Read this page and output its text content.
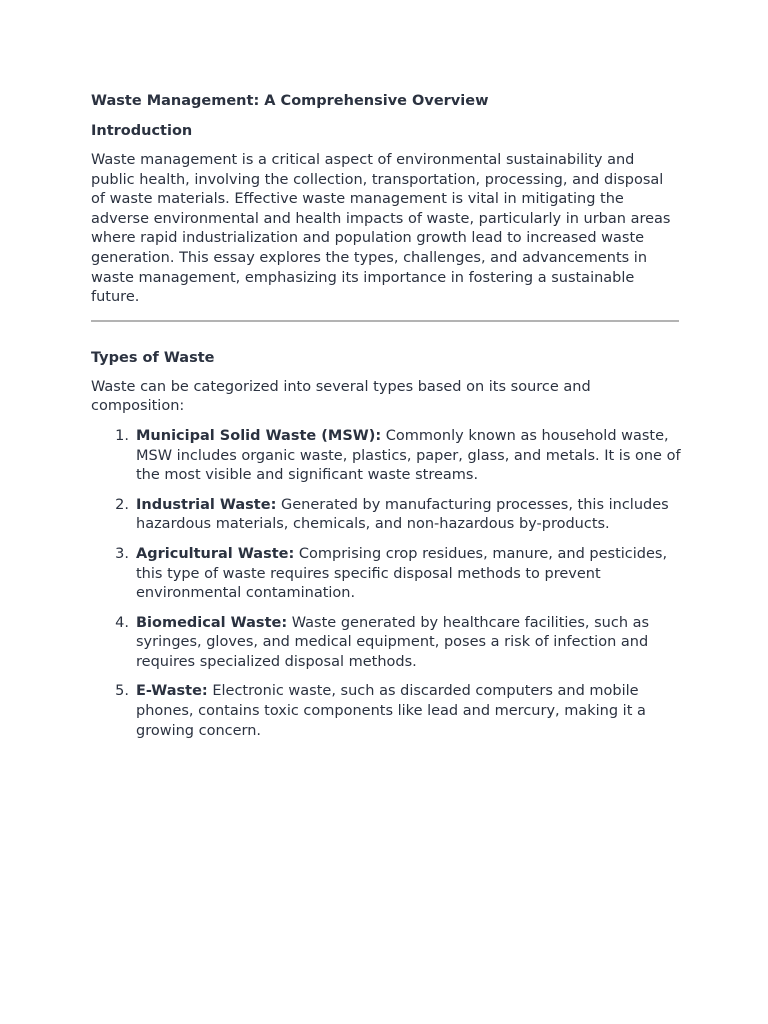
Waste Management: A Comprehensive Overview
Introduction

Waste management is a critical aspect of environmental sustainability and public health, involving the collection, transportation, processing, and disposal of waste materials. Effective waste management is vital in mitigating the adverse environmental and health impacts of waste, particularly in urban areas where rapid industrialization and population growth lead to increased waste generation. This essay explores the types, challenges, and advancements in waste management, emphasizing its importance in fostering a sustainable future.

Types of Waste

Waste can be categorized into several types based on its source and composition:

1. Municipal Solid Waste (MSW): Commonly known as household waste, MSW includes organic waste, plastics, paper, glass, and metals. It is one of the most visible and significant waste streams.
2. Industrial Waste: Generated by manufacturing processes, this includes hazardous materials, chemicals, and non-hazardous by-products.
3. Agricultural Waste: Comprising crop residues, manure, and pesticides, this type of waste requires specific disposal methods to prevent environmental contamination.
4. Biomedical Waste: Waste generated by healthcare facilities, such as syringes, gloves, and medical equipment, poses a risk of infection and requires specialized disposal methods.
5. E-Waste: Electronic waste, such as discarded computers and mobile phones, contains toxic components like lead and mercury, making it a growing concern.
